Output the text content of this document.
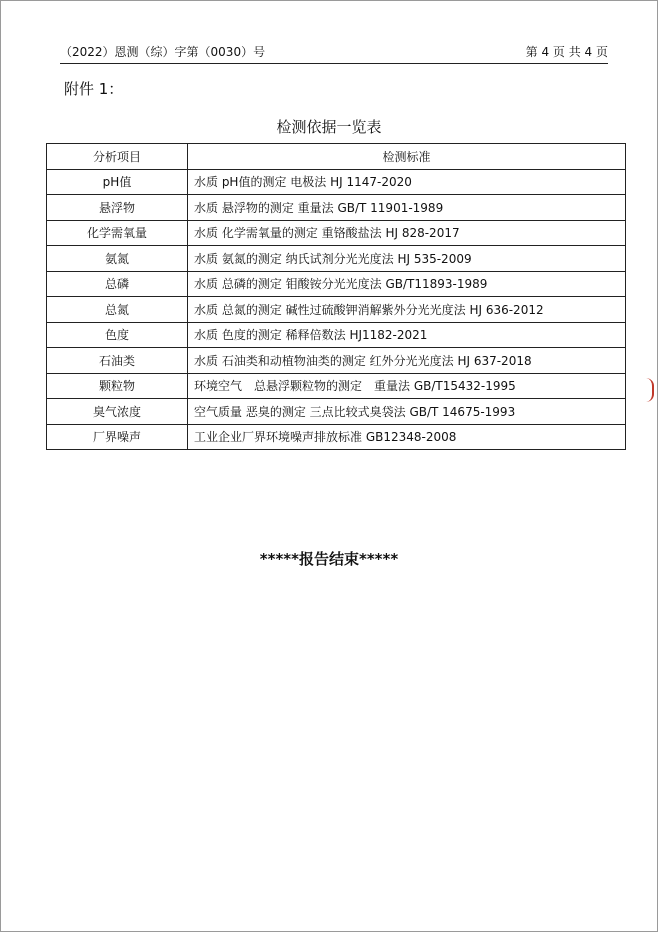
（2022）恩测（综）字第（0030）号	第 4 页 共 4 页
附件 1：
检测依据一览表
分析项目	检测标准
pH值	水质 pH值的测定 电极法 HJ 1147-2020
悬浮物	水质 悬浮物的测定 重量法 GB/T 11901-1989
化学需氧量	水质 化学需氧量的测定 重铬酸盐法 HJ 828-2017
氨氮	水质 氨氮的测定 纳氏试剂分光光度法 HJ 535-2009
总磷	水质 总磷的测定 钼酸铵分光光度法 GB/T11893-1989
总氮	水质 总氮的测定 碱性过硫酸钾消解紫外分光光度法 HJ 636-2012
色度	水质 色度的测定 稀释倍数法 HJ1182-2021
石油类	水质 石油类和动植物油类的测定 红外分光光度法 HJ 637-2018
颗粒物	环境空气　总悬浮颗粒物的测定　重量法 GB/T15432-1995
臭气浓度	空气质量 恶臭的测定 三点比较式臭袋法 GB/T 14675-1993
厂界噪声	工业企业厂界环境噪声排放标准 GB12348-2008
*****报告结束*****
